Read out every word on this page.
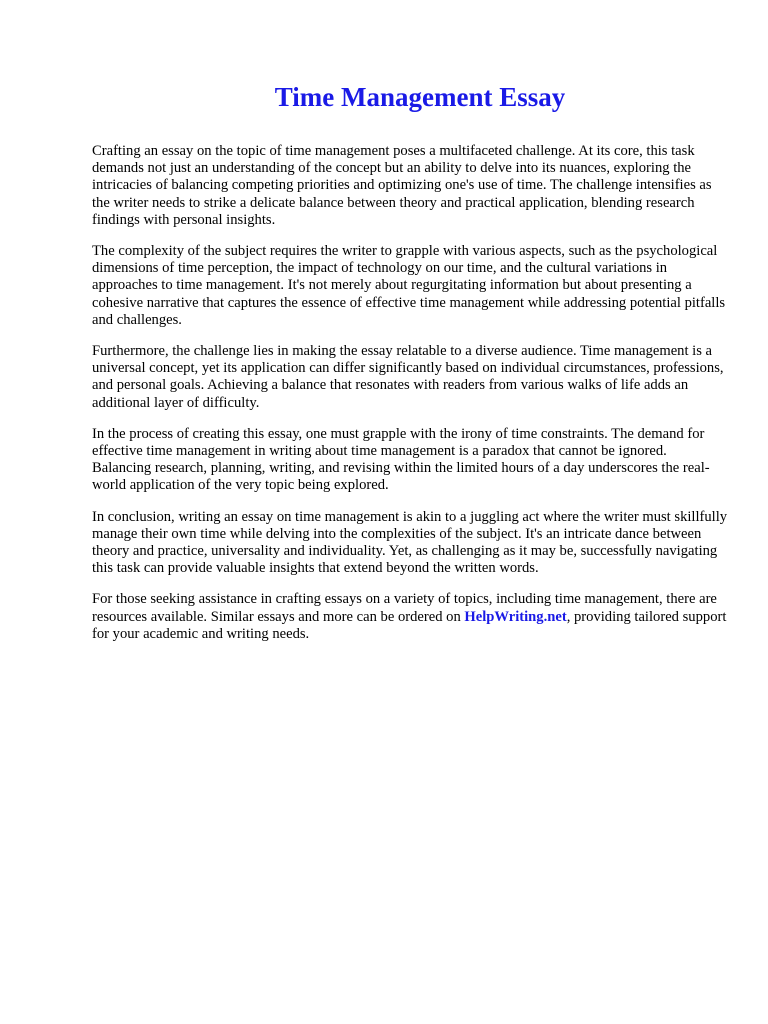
Time Management Essay

Crafting an essay on the topic of time management poses a multifaceted challenge. At its core, this task demands not just an understanding of the concept but an ability to delve into its nuances, exploring the intricacies of balancing competing priorities and optimizing one's use of time. The challenge intensifies as the writer needs to strike a delicate balance between theory and practical application, blending research findings with personal insights.

The complexity of the subject requires the writer to grapple with various aspects, such as the psychological dimensions of time perception, the impact of technology on our time, and the cultural variations in approaches to time management. It's not merely about regurgitating information but about presenting a cohesive narrative that captures the essence of effective time management while addressing potential pitfalls and challenges.

Furthermore, the challenge lies in making the essay relatable to a diverse audience. Time management is a universal concept, yet its application can differ significantly based on individual circumstances, professions, and personal goals. Achieving a balance that resonates with readers from various walks of life adds an additional layer of difficulty.

In the process of creating this essay, one must grapple with the irony of time constraints. The demand for effective time management in writing about time management is a paradox that cannot be ignored. Balancing research, planning, writing, and revising within the limited hours of a day underscores the real-world application of the very topic being explored.

In conclusion, writing an essay on time management is akin to a juggling act where the writer must skillfully manage their own time while delving into the complexities of the subject. It's an intricate dance between theory and practice, universality and individuality. Yet, as challenging as it may be, successfully navigating this task can provide valuable insights that extend beyond the written words.

For those seeking assistance in crafting essays on a variety of topics, including time management, there are resources available. Similar essays and more can be ordered on HelpWriting.net, providing tailored support for your academic and writing needs.
